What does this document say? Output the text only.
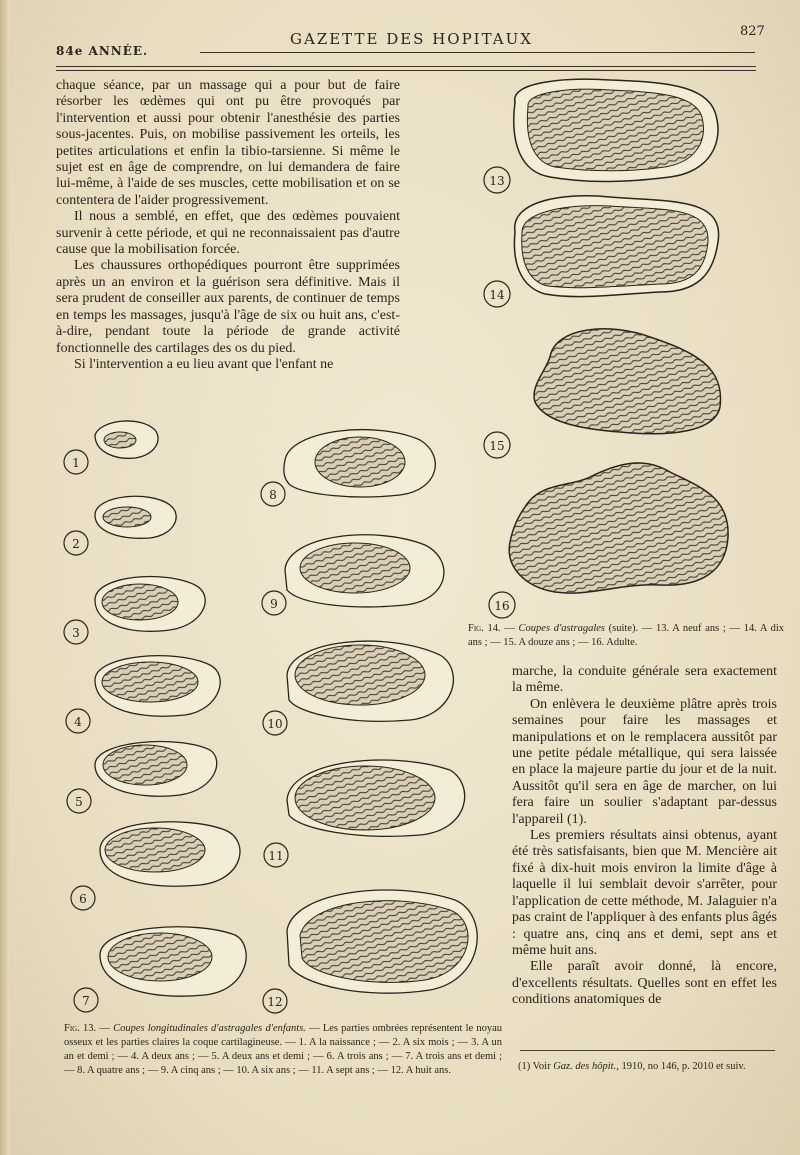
84e ANNÉE.
GAZETTE DES HOPITAUX	827

chaque séance, par un massage qui a pour but de faire résorber les œdèmes qui ont pu être provoqués par l'intervention et aussi pour obtenir l'anesthésie des parties sous-jacentes. Puis, on mobilise passivement les orteils, les petites articulations et enfin la tibio-tarsienne. Si même le sujet est en âge de comprendre, on lui demandera de faire lui-même, à l'aide de ses muscles, cette mobilisation et on se contentera de l'aider progressivement.

Il nous a semblé, en effet, que des œdèmes pouvaient survenir à cette période, et qui ne reconnaissaient pas d'autre cause que la mobilisation forcée.

Les chaussures orthopédiques pourront être supprimées après un an environ et la guérison sera définitive. Mais il sera prudent de conseiller aux parents, de continuer de temps en temps les massages, jusqu'à l'âge de six ou huit ans, c'est-à-dire, pendant toute la période de grande activité fonctionnelle des cartilages des os du pied.

Si l'intervention a eu lieu avant que l'enfant ne

13
14
15
16
Fig. 14. — Coupes d'astragales (suite). — 13. A neuf ans ; — 14. A dix ans ; — 15. A douze ans ; — 16. Adulte.
1
2
3
4
5
6
7
8
9
10
11
12

marche, la conduite générale sera exactement la même.

On enlèvera le deuxième plâtre après trois semaines pour faire les massages et manipulations et on le remplacera aussitôt par une petite pédale métallique, qui sera laissée en place la majeure partie du jour et de la nuit. Aussitôt qu'il sera en âge de marcher, on lui fera faire un soulier s'adaptant par-dessus l'appareil (1).

Les premiers résultats ainsi obtenus, ayant été très satisfaisants, bien que M. Mencière ait fixé à dix-huit mois environ la limite d'âge à laquelle il lui semblait devoir s'arrêter, pour l'application de cette méthode, M. Jalaguier n'a pas craint de l'appliquer à des enfants plus âgés : quatre ans, cinq ans et demi, sept ans et même huit ans.

Elle paraît avoir donné, là encore, d'excellents résultats. Quelles sont en effet les conditions anatomiques de

Fig. 13. — Coupes longitudinales d'astragales d'enfants. — Les parties ombrées représentent le noyau osseux et les parties claires la coque cartilagineuse. — 1. A la naissance ; — 2. A six mois ; — 3. A un an et demi ; — 4. A deux ans ; — 5. A deux ans et demi ; — 6. A trois ans ; — 7. A trois ans et demi ; — 8. A quatre ans ; — 9. A cinq ans ; — 10. A six ans ; — 11. A sept ans ; — 12. A huit ans.	(1) Voir Gaz. des hôpit., 1910, no 146, p. 2010 et suiv.
